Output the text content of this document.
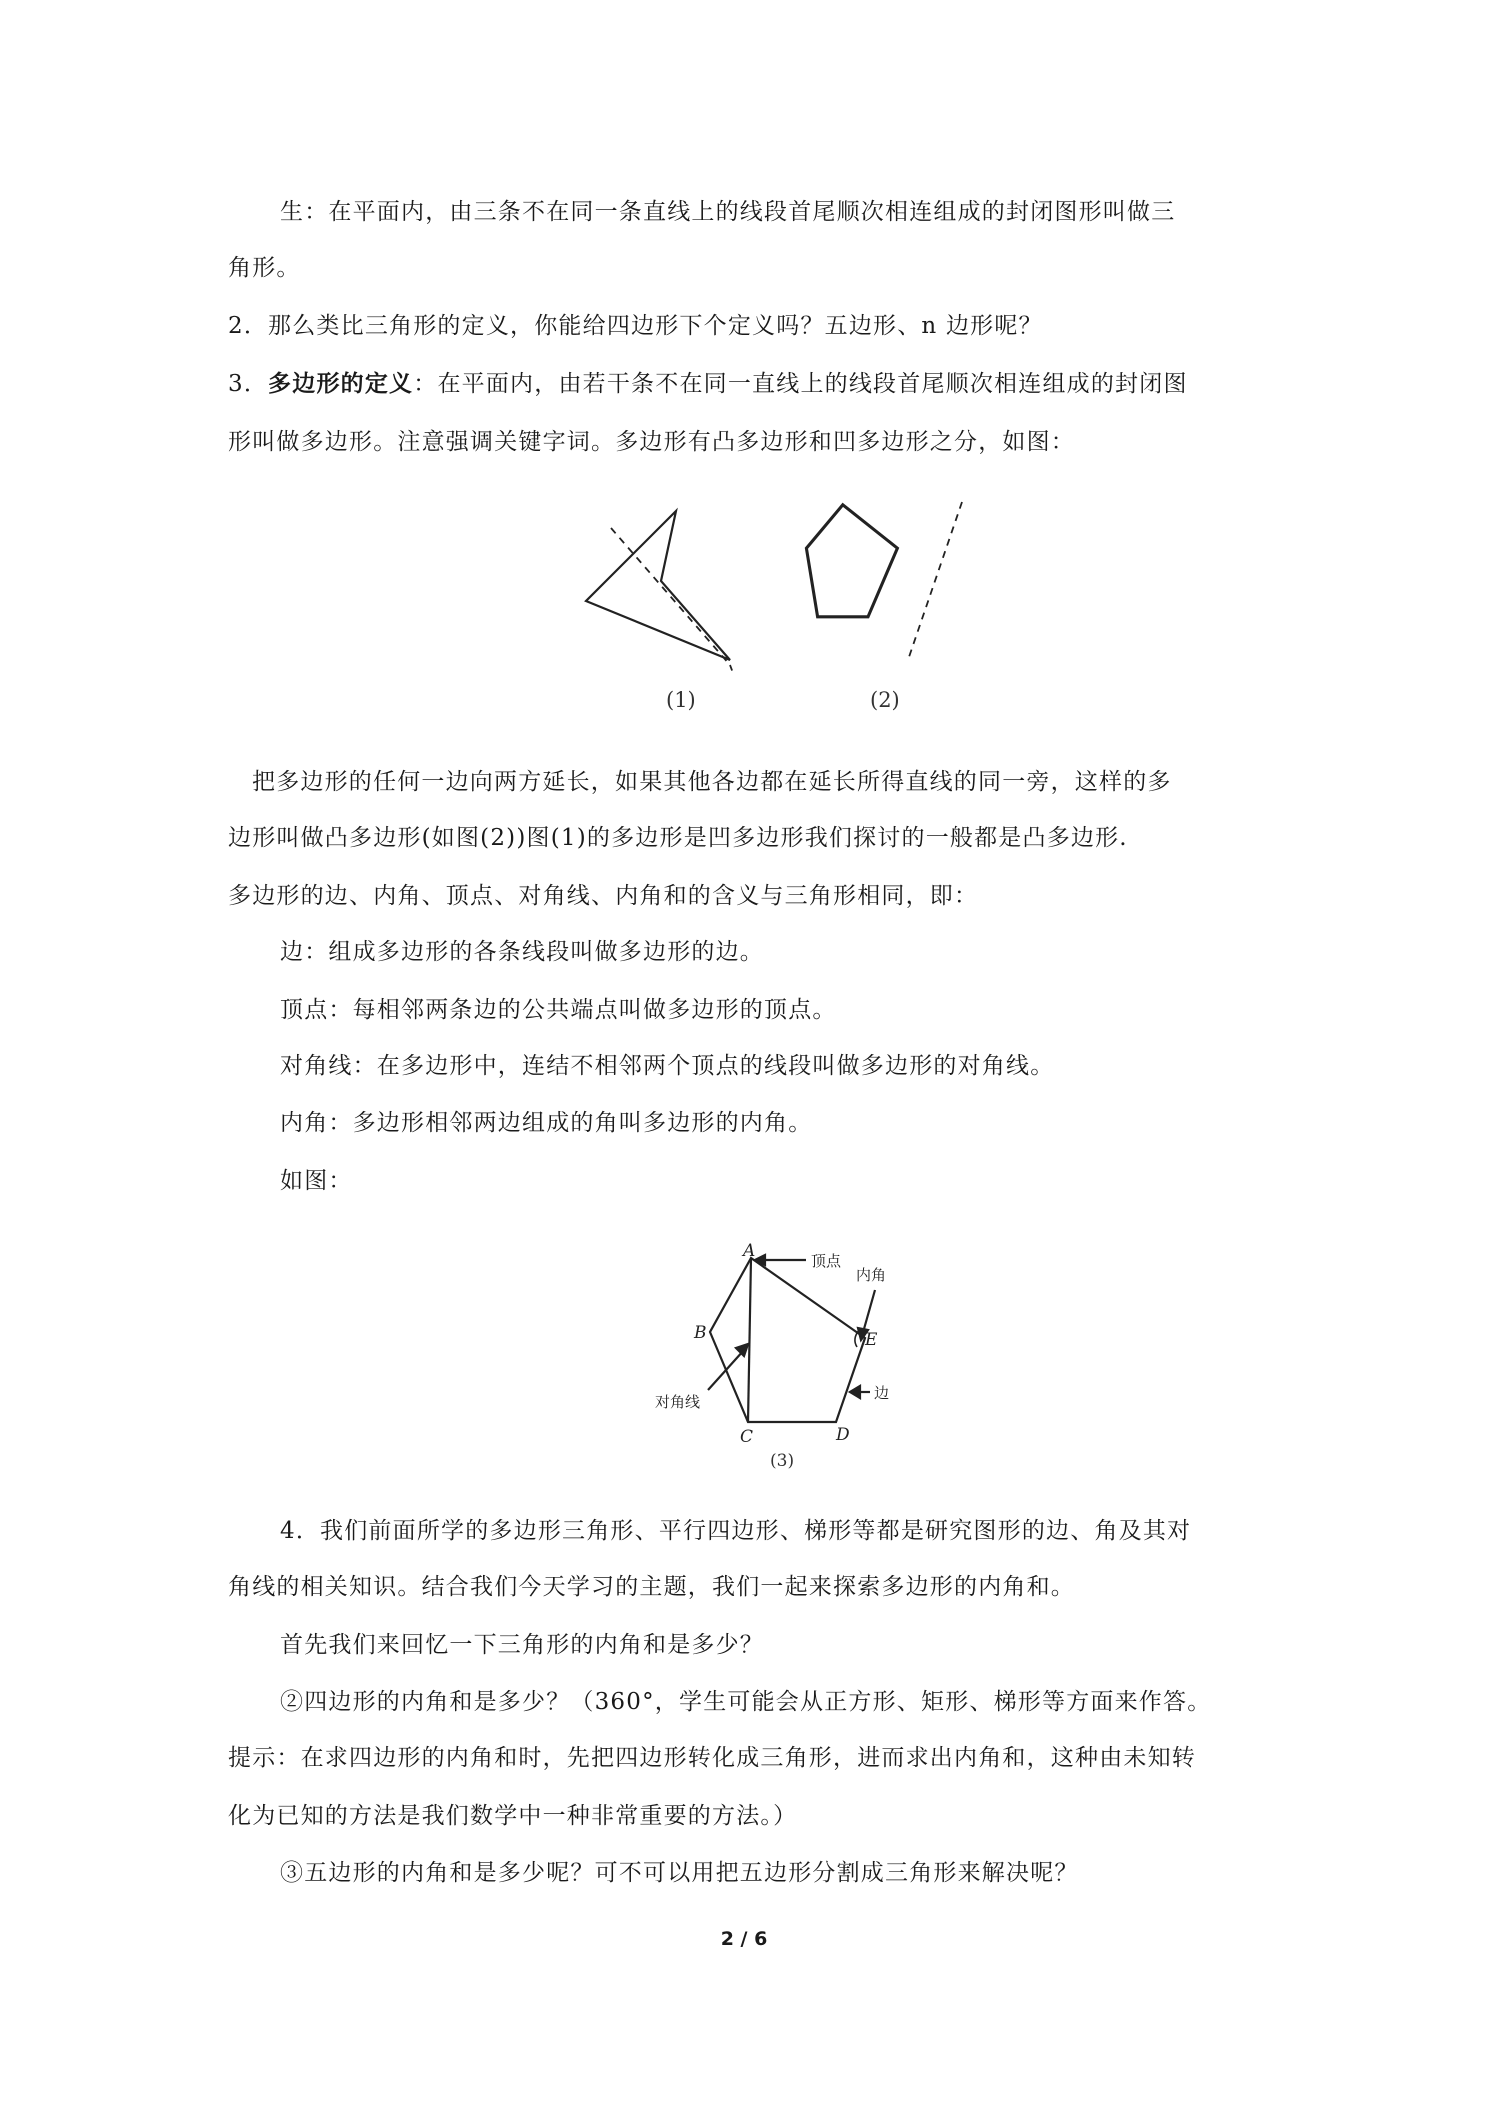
生：在平面内，由三条不在同一条直线上的线段首尾顺次相连组成的封闭图形叫做三
角形。
2．那么类比三角形的定义，你能给四边形下个定义吗？五边形、n 边形呢？
3．多边形的定义：在平面内，由若干条不在同一直线上的线段首尾顺次相连组成的封闭图
形叫做多边形。注意强调关键字词。多边形有凸多边形和凹多边形之分，如图：
(1)	(2)
把多边形的任何一边向两方延长，如果其他各边都在延长所得直线的同一旁，这样的多
边形叫做凸多边形(如图(2))图(1)的多边形是凹多边形我们探讨的一般都是凸多边形.
多边形的边、内角、顶点、对角线、内角和的含义与三角形相同，即：
边：组成多边形的各条线段叫做多边形的边。
顶点：每相邻两条边的公共端点叫做多边形的顶点。
对角线：在多边形中，连结不相邻两个顶点的线段叫做多边形的对角线。
内角：多边形相邻两边组成的角叫多边形的内角。
如图：
A
B
C	D
E
顶点
内角
对角线	边
(3)
4．我们前面所学的多边形三角形、平行四边形、梯形等都是研究图形的边、角及其对
角线的相关知识。结合我们今天学习的主题，我们一起来探索多边形的内角和。
首先我们来回忆一下三角形的内角和是多少？
②四边形的内角和是多少？（360°，学生可能会从正方形、矩形、梯形等方面来作答。
提示：在求四边形的内角和时，先把四边形转化成三角形，进而求出内角和，这种由未知转
化为已知的方法是我们数学中一种非常重要的方法。）
③五边形的内角和是多少呢？可不可以用把五边形分割成三角形来解决呢？
2 / 6
